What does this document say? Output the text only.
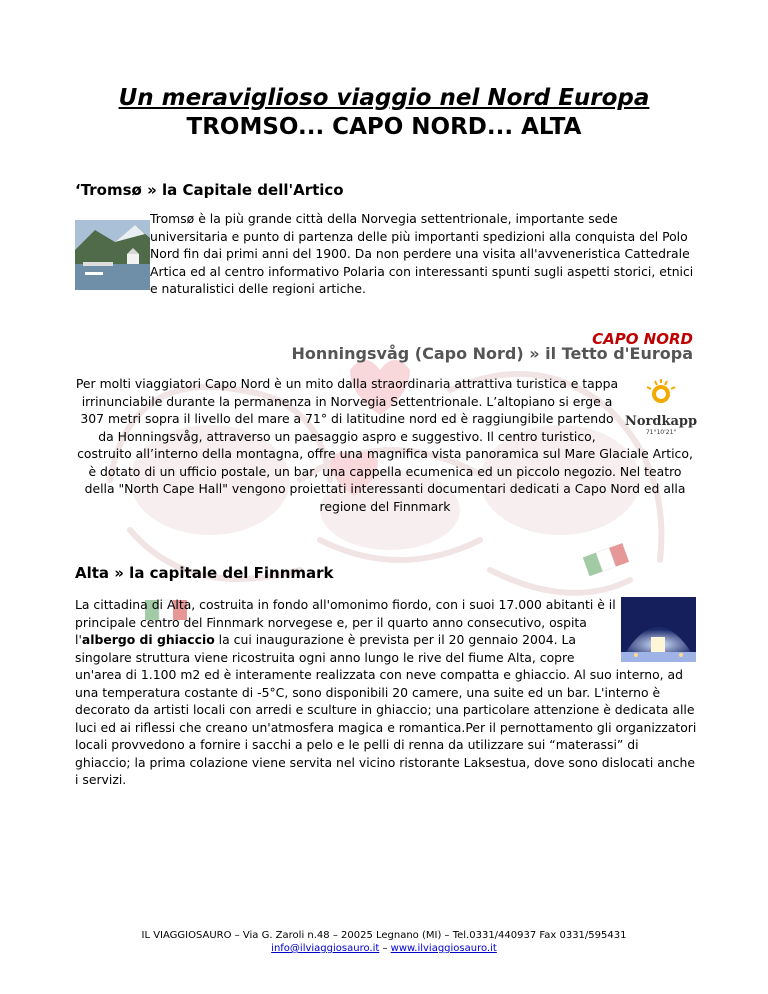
Un meraviglioso viaggio nel Nord Europa

TROMSO... CAPO NORD... ALTA

‘Tromsø » la Capitale dell'Artico

Tromsø è la più grande città della Norvegia settentrionale, importante sede universitaria e punto di partenza delle più importanti spedizioni alla conquista del Polo Nord fin dai primi anni del 1900. Da non perdere una visita all'avveneristica Cattedrale Artica ed al centro informativo Polaria con interessanti spunti sugli aspetti storici, etnici e naturalistici delle regioni artiche.

CAPO NORD
Honningsvåg (Capo Nord) » il Tetto d'Europa

Per molti viaggiatori Capo Nord è un mito dalla straordinaria attrattiva turistica e tappa irrinunciabile durante la permanenza in Norvegia Settentrionale. L’altopiano si erge a 307 metri sopra il livello del mare a 71° di latitudine nord ed è raggiungibile partendo da Honningsvåg, attraverso un paesaggio aspro e suggestivo. Il centro turistico, costruito all’interno della montagna, offre una magnifica vista panoramica sul Mare Glaciale Artico, è dotato di un ufficio postale, un bar, una cappella ecumenica ed un piccolo negozio. Nel teatro della "North Cape Hall" vengono proiettati interessanti documentari dedicati a Capo Nord ed alla regione del Finnmark

Nordkapp
71°10'21"
Alta » la capitale del Finnmark

La cittadina di Alta, costruita in fondo all'omonimo fiordo, con i suoi 17.000 abitanti è il principale centro del Finnmark norvegese e, per il quarto anno consecutivo, ospita l'albergo di ghiaccio la cui inaugurazione è prevista per il 20 gennaio 2004. La singolare struttura viene ricostruita ogni anno lungo le rive del fiume Alta, copre un'area di 1.100 m2 ed è interamente realizzata con neve compatta e ghiaccio. Al suo interno, ad una temperatura costante di -5°C, sono disponibili 20 camere, una suite ed un bar. L'interno è decorato da artisti locali con arredi e sculture in ghiaccio; una particolare attenzione è dedicata alle luci ed ai riflessi che creano un'atmosfera magica e romantica.Per il pernottamento gli organizzatori locali provvedono a fornire i sacchi a pelo e le pelli di renna da utilizzare sui “materassi” di ghiaccio; la prima colazione viene servita nel vicino ristorante Laksestua, dove sono dislocati anche i servizi.

IL VIAGGIOSAURO – Via G. Zaroli n.48 – 20025 Legnano (MI) – Tel.0331/440937 Fax 0331/595431
info@ilviaggiosauro.it – www.ilviaggiosauro.it
